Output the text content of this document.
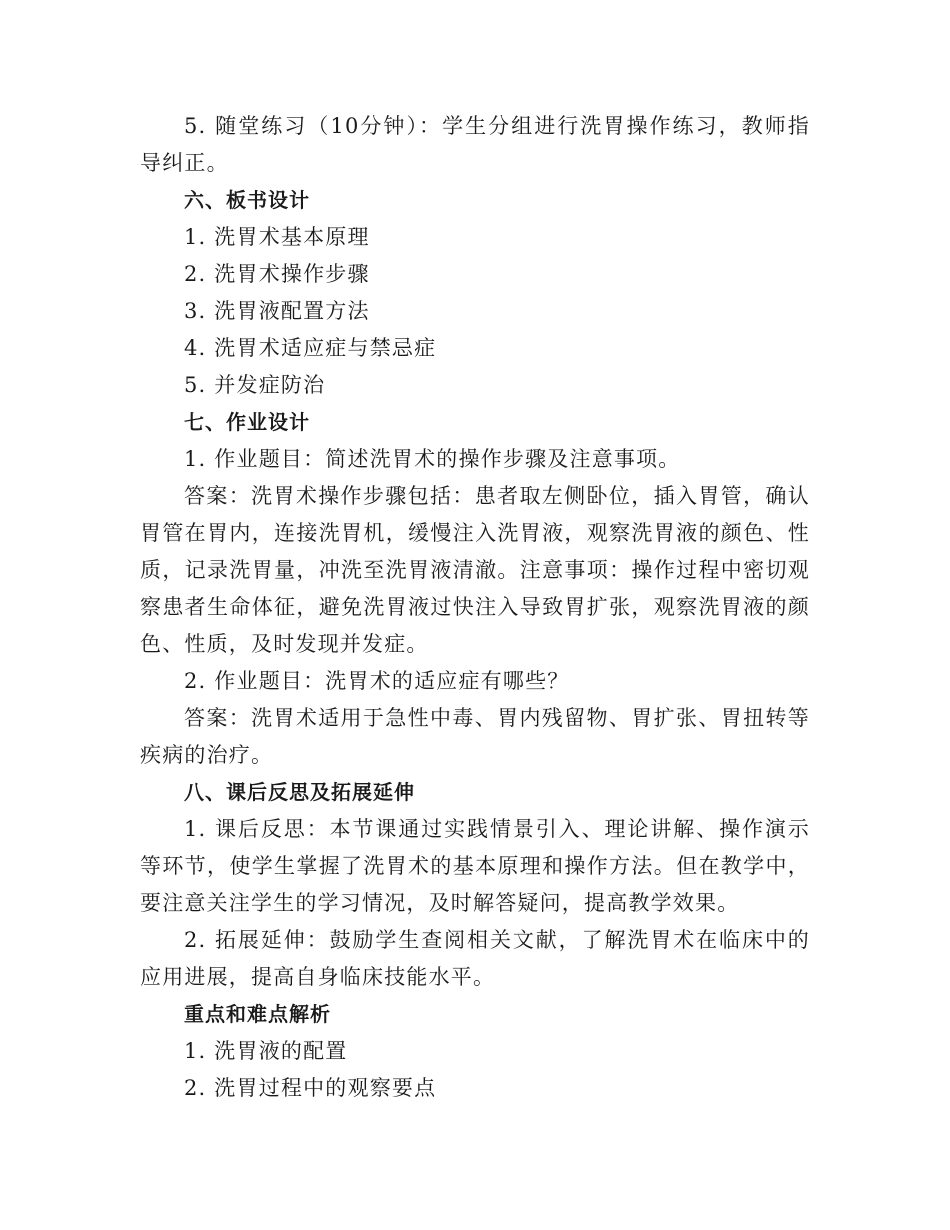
5. 随堂练习（10分钟）：学生分组进行洗胃操作练习，教师指导纠正。

六、板书设计

1. 洗胃术基本原理

2. 洗胃术操作步骤

3. 洗胃液配置方法

4. 洗胃术适应症与禁忌症

5. 并发症防治

七、作业设计

1. 作业题目：简述洗胃术的操作步骤及注意事项。

答案：洗胃术操作步骤包括：患者取左侧卧位，插入胃管，确认胃管在胃内，连接洗胃机，缓慢注入洗胃液，观察洗胃液的颜色、性质，记录洗胃量，冲洗至洗胃液清澈。注意事项：操作过程中密切观察患者生命体征，避免洗胃液过快注入导致胃扩张，观察洗胃液的颜色、性质，及时发现并发症。

2. 作业题目：洗胃术的适应症有哪些？

答案：洗胃术适用于急性中毒、胃内残留物、胃扩张、胃扭转等疾病的治疗。

八、课后反思及拓展延伸

1. 课后反思：本节课通过实践情景引入、理论讲解、操作演示等环节，使学生掌握了洗胃术的基本原理和操作方法。但在教学中，要注意关注学生的学习情况，及时解答疑问，提高教学效果。

2. 拓展延伸：鼓励学生查阅相关文献，了解洗胃术在临床中的应用进展，提高自身临床技能水平。

重点和难点解析

1. 洗胃液的配置

2. 洗胃过程中的观察要点
